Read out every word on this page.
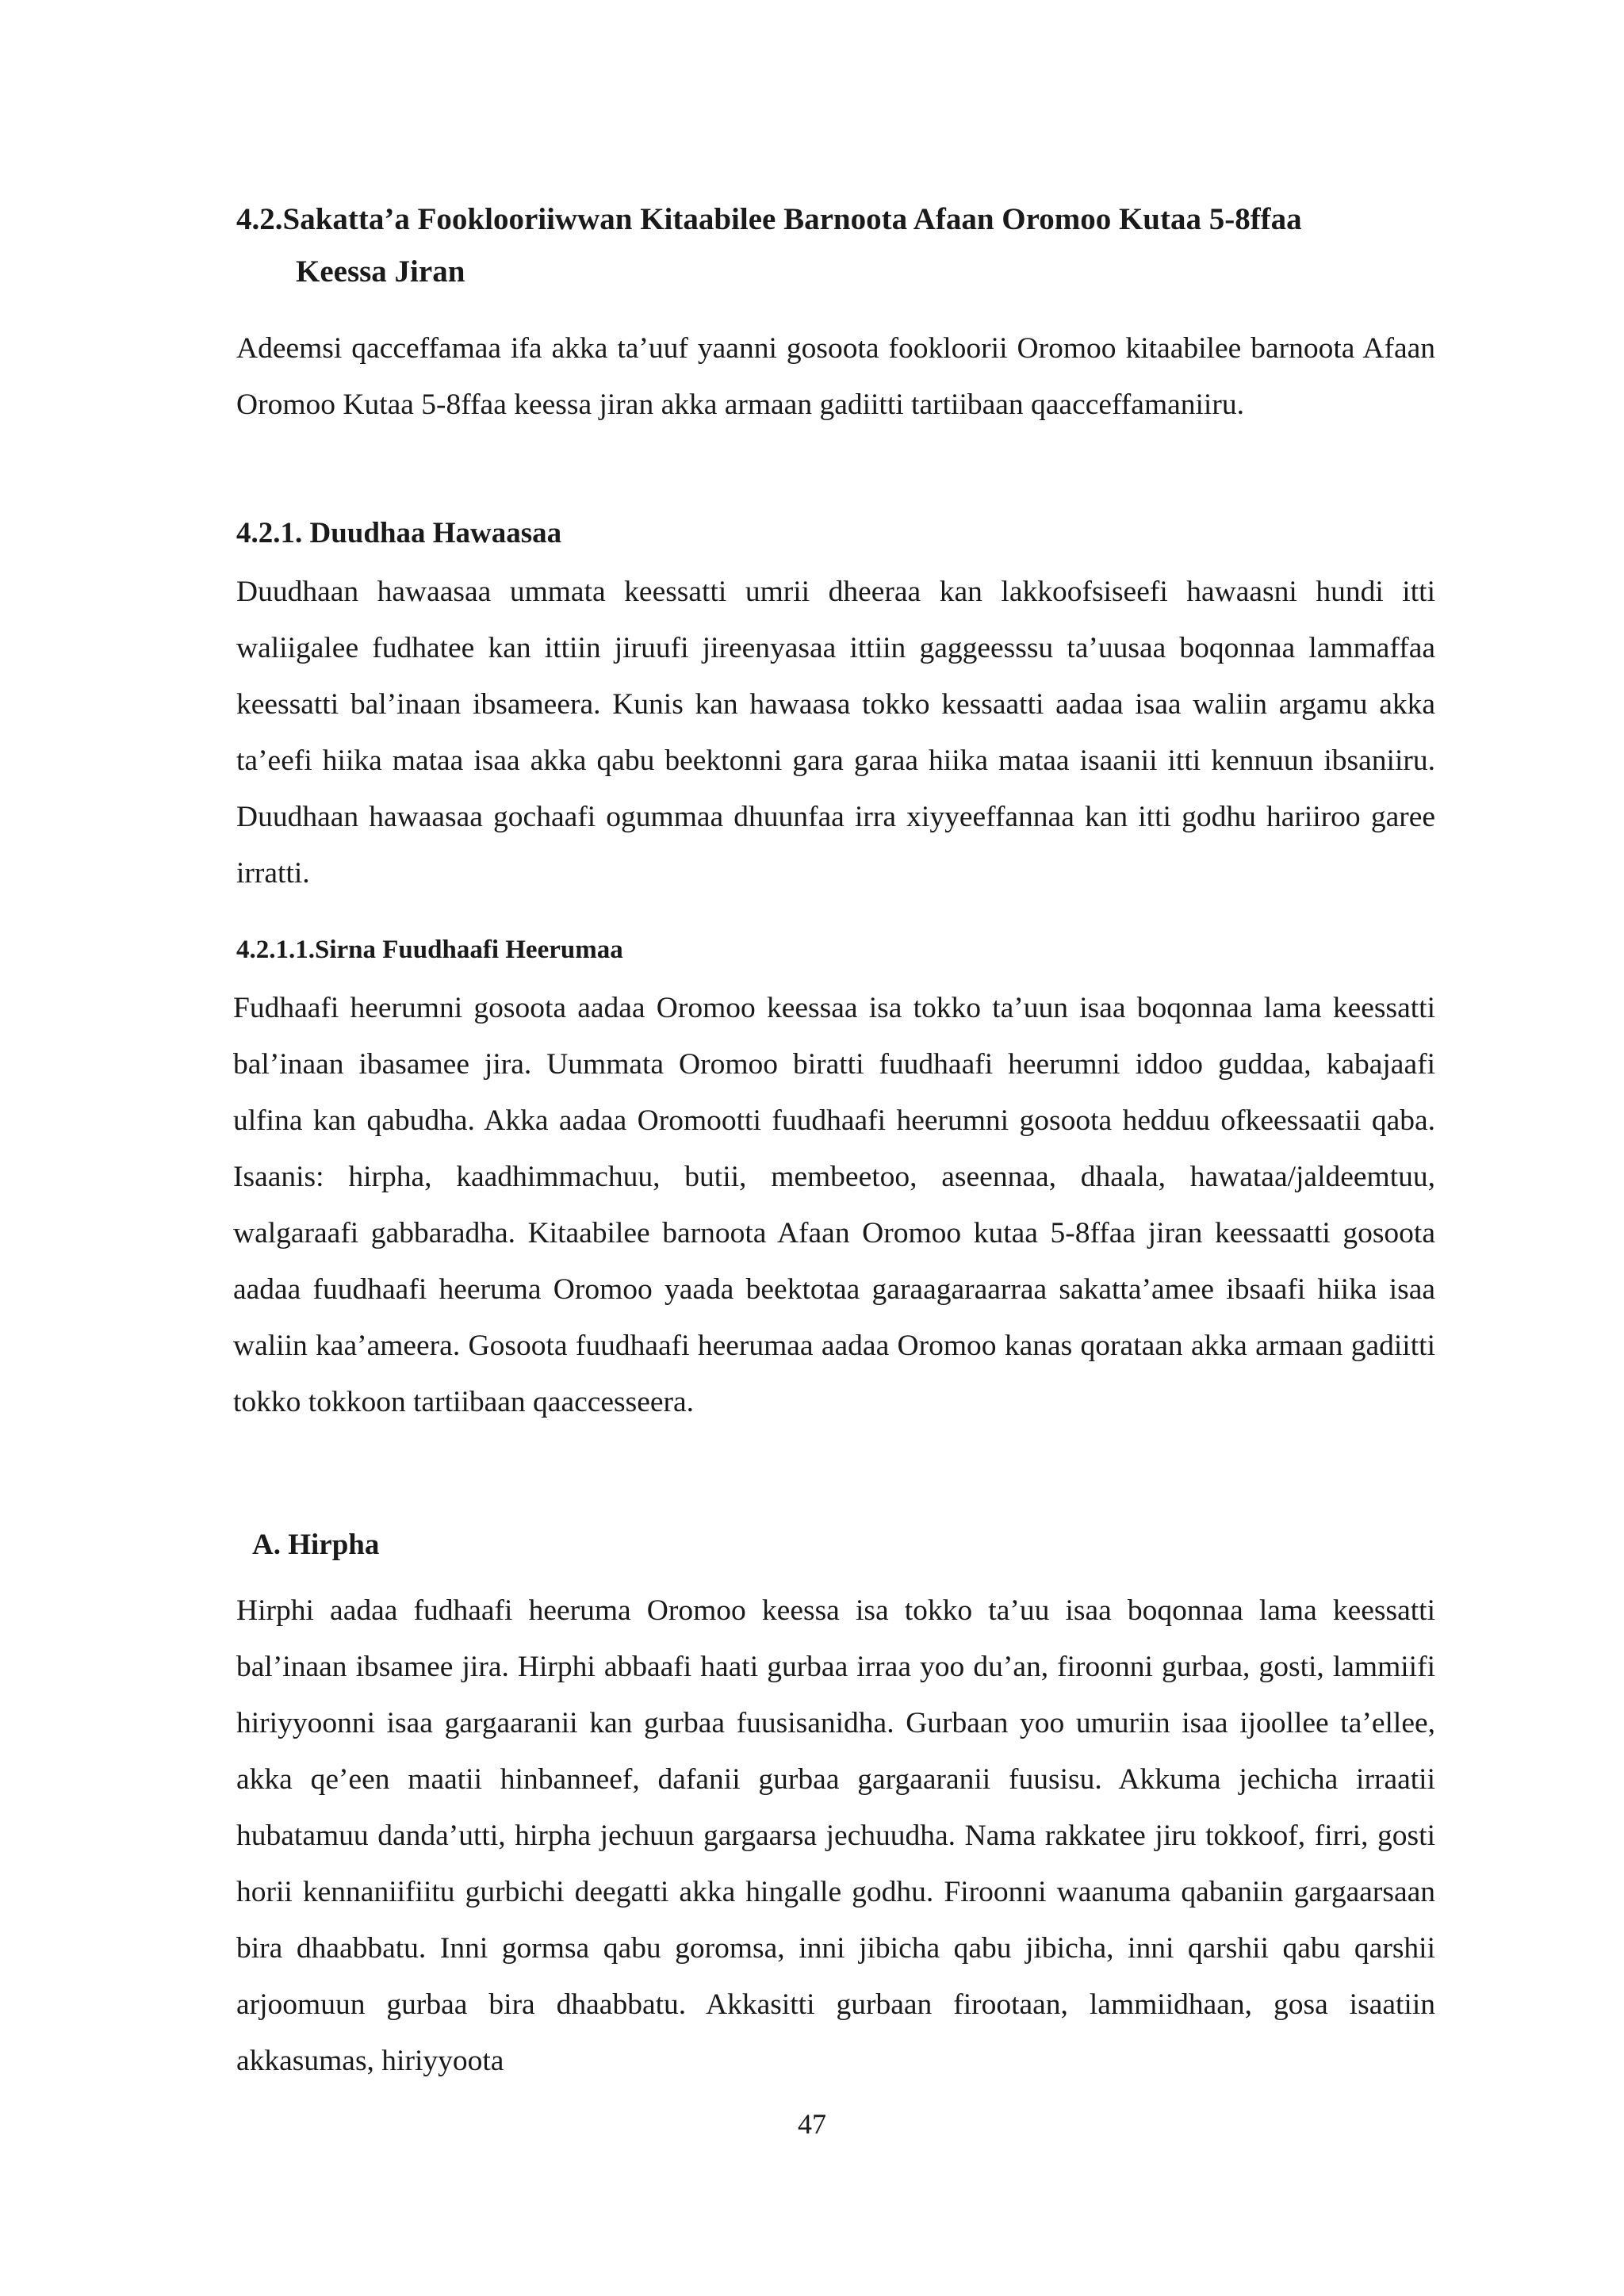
4.2.Sakatta’a Fooklooriiwwan Kitaabilee Barnoota Afaan Oromoo Kutaa 5-8ffaa
Keessa Jiran

Adeemsi qacceffamaa ifa akka ta’uuf yaanni gosoota fookloorii Oromoo kitaabilee barnoota Afaan Oromoo Kutaa 5-8ffaa keessa jiran akka armaan gadiitti tartiibaan qaacceffamaniiru.

4.2.1. Duudhaa Hawaasaa

Duudhaan hawaasaa ummata keessatti umrii dheeraa kan lakkoofsiseefi hawaasni hundi itti waliigalee fudhatee kan ittiin jiruufi jireenyasaa ittiin gaggeesssu ta’uusaa boqonnaa lammaffaa keessatti bal’inaan ibsameera. Kunis kan hawaasa tokko kessaatti aadaa isaa waliin argamu akka ta’eefi hiika mataa isaa akka qabu beektonni gara garaa hiika mataa isaanii itti kennuun ibsaniiru. Duudhaan hawaasaa gochaafi ogummaa dhuunfaa irra xiyyeeffannaa kan itti godhu hariiroo garee irratti.

4.2.1.1.Sirna Fuudhaafi Heerumaa

Fudhaafi heerumni gosoota aadaa Oromoo keessaa isa tokko ta’uun isaa boqonnaa lama keessatti bal’inaan ibasamee jira. Uummata Oromoo biratti fuudhaafi heerumni iddoo guddaa, kabajaafi ulfina kan qabudha. Akka aadaa Oromootti fuudhaafi heerumni gosoota hedduu ofkeessaatii qaba. Isaanis: hirpha, kaadhimmachuu, butii, membeetoo, aseennaa, dhaala, hawataa/jaldeemtuu, walgaraafi gabbaradha. Kitaabilee barnoota Afaan Oromoo kutaa 5-8ffaa jiran keessaatti gosoota aadaa fuudhaafi heeruma Oromoo yaada beektotaa garaagaraarraa sakatta’amee ibsaafi hiika isaa waliin kaa’ameera. Gosoota fuudhaafi heerumaa aadaa Oromoo kanas qorataan akka armaan gadiitti tokko tokkoon tartiibaan qaaccesseera.

A. Hirpha

Hirphi aadaa fudhaafi heeruma Oromoo keessa isa tokko ta’uu isaa boqonnaa lama keessatti bal’inaan ibsamee jira. Hirphi abbaafi haati gurbaa irraa yoo du’an, firoonni gurbaa, gosti, lammiifi hiriyyoonni isaa gargaaranii kan gurbaa fuusisanidha. Gurbaan yoo umuriin isaa ijoollee ta’ellee, akka qe’een maatii hinbanneef, dafanii gurbaa gargaaranii fuusisu. Akkuma jechicha irraatii hubatamuu danda’utti, hirpha jechuun gargaarsa jechuudha. Nama rakkatee jiru tokkoof, firri, gosti horii kennaniifiitu gurbichi deegatti akka hingalle godhu. Firoonni waanuma qabaniin gargaarsaan bira dhaabbatu. Inni gormsa qabu goromsa, inni jibicha qabu jibicha, inni qarshii qabu qarshii arjoomuun gurbaa bira dhaabbatu. Akkasitti gurbaan firootaan, lammiidhaan, gosa isaatiin akkasumas, hiriyyoota

47
